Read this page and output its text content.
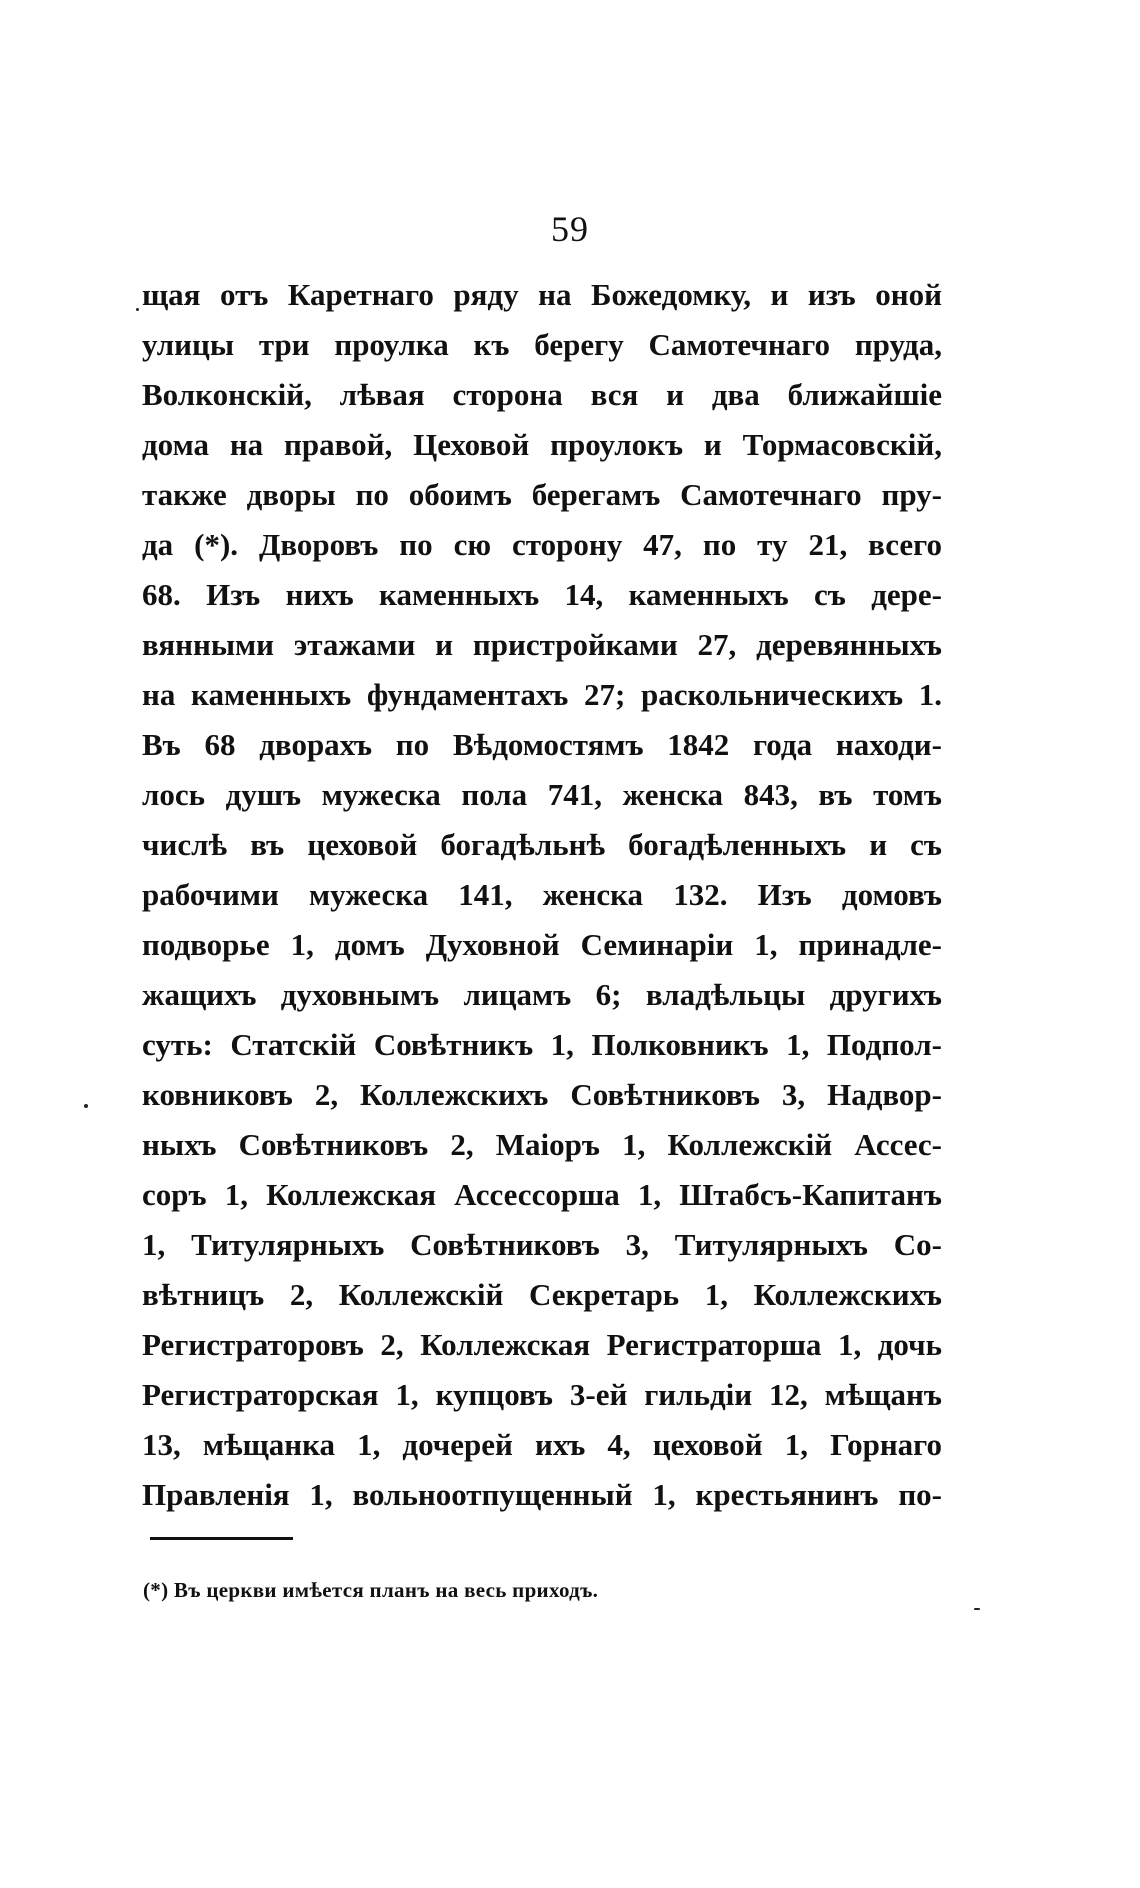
59
щая отъ Каретнаго ряду на Божедомку, и изъ оной
улицы три проулка къ берегу Самотечнаго пруда,
Волконскій, лѣвая сторона вся и два ближайшіе
дома на правой, Цеховой проулокъ и Тормасовскій,
также дворы по обоимъ берегамъ Самотечнаго пру-
да (*). Дворовъ по сю сторону 47, по ту 21, всего
68. Изъ нихъ каменныхъ 14, каменныхъ съ дере-
вянными этажами и пристройками 27, деревянныхъ
на каменныхъ фундаментахъ 27; раскольническихъ 1.
Въ 68 дворахъ по Вѣдомостямъ 1842 года находи-
лось душъ мужеска пола 741, женска 843, въ томъ
числѣ въ цеховой богадѣльнѣ богадѣленныхъ и съ
рабочими мужеска 141, женска 132. Изъ домовъ
подворье 1, домъ Духовной Семинаріи 1, принадле-
жащихъ духовнымъ лицамъ 6; владѣльцы другихъ
суть: Статскій Совѣтникъ 1, Полковникъ 1, Подпол-
ковниковъ 2, Коллежскихъ Совѣтниковъ 3, Надвор-
ныхъ Совѣтниковъ 2, Маіоръ 1, Коллежскій Ассес-
соръ 1, Коллежская Ассессорша 1, Штабсъ-Капитанъ
1, Титулярныхъ Совѣтниковъ 3, Титулярныхъ Со-
вѣтницъ 2, Коллежскій Секретарь 1, Коллежскихъ
Регистраторовъ 2, Коллежская Регистраторша 1, дочь
Регистраторская 1, купцовъ 3-ей гильдіи 12, мѣщанъ
13, мѣщанка 1, дочерей ихъ 4, цеховой 1, Горнаго
Правленія 1, вольноотпущенный 1, крестьянинъ по-
(*) Въ церкви имѣется планъ на весь приходъ.
